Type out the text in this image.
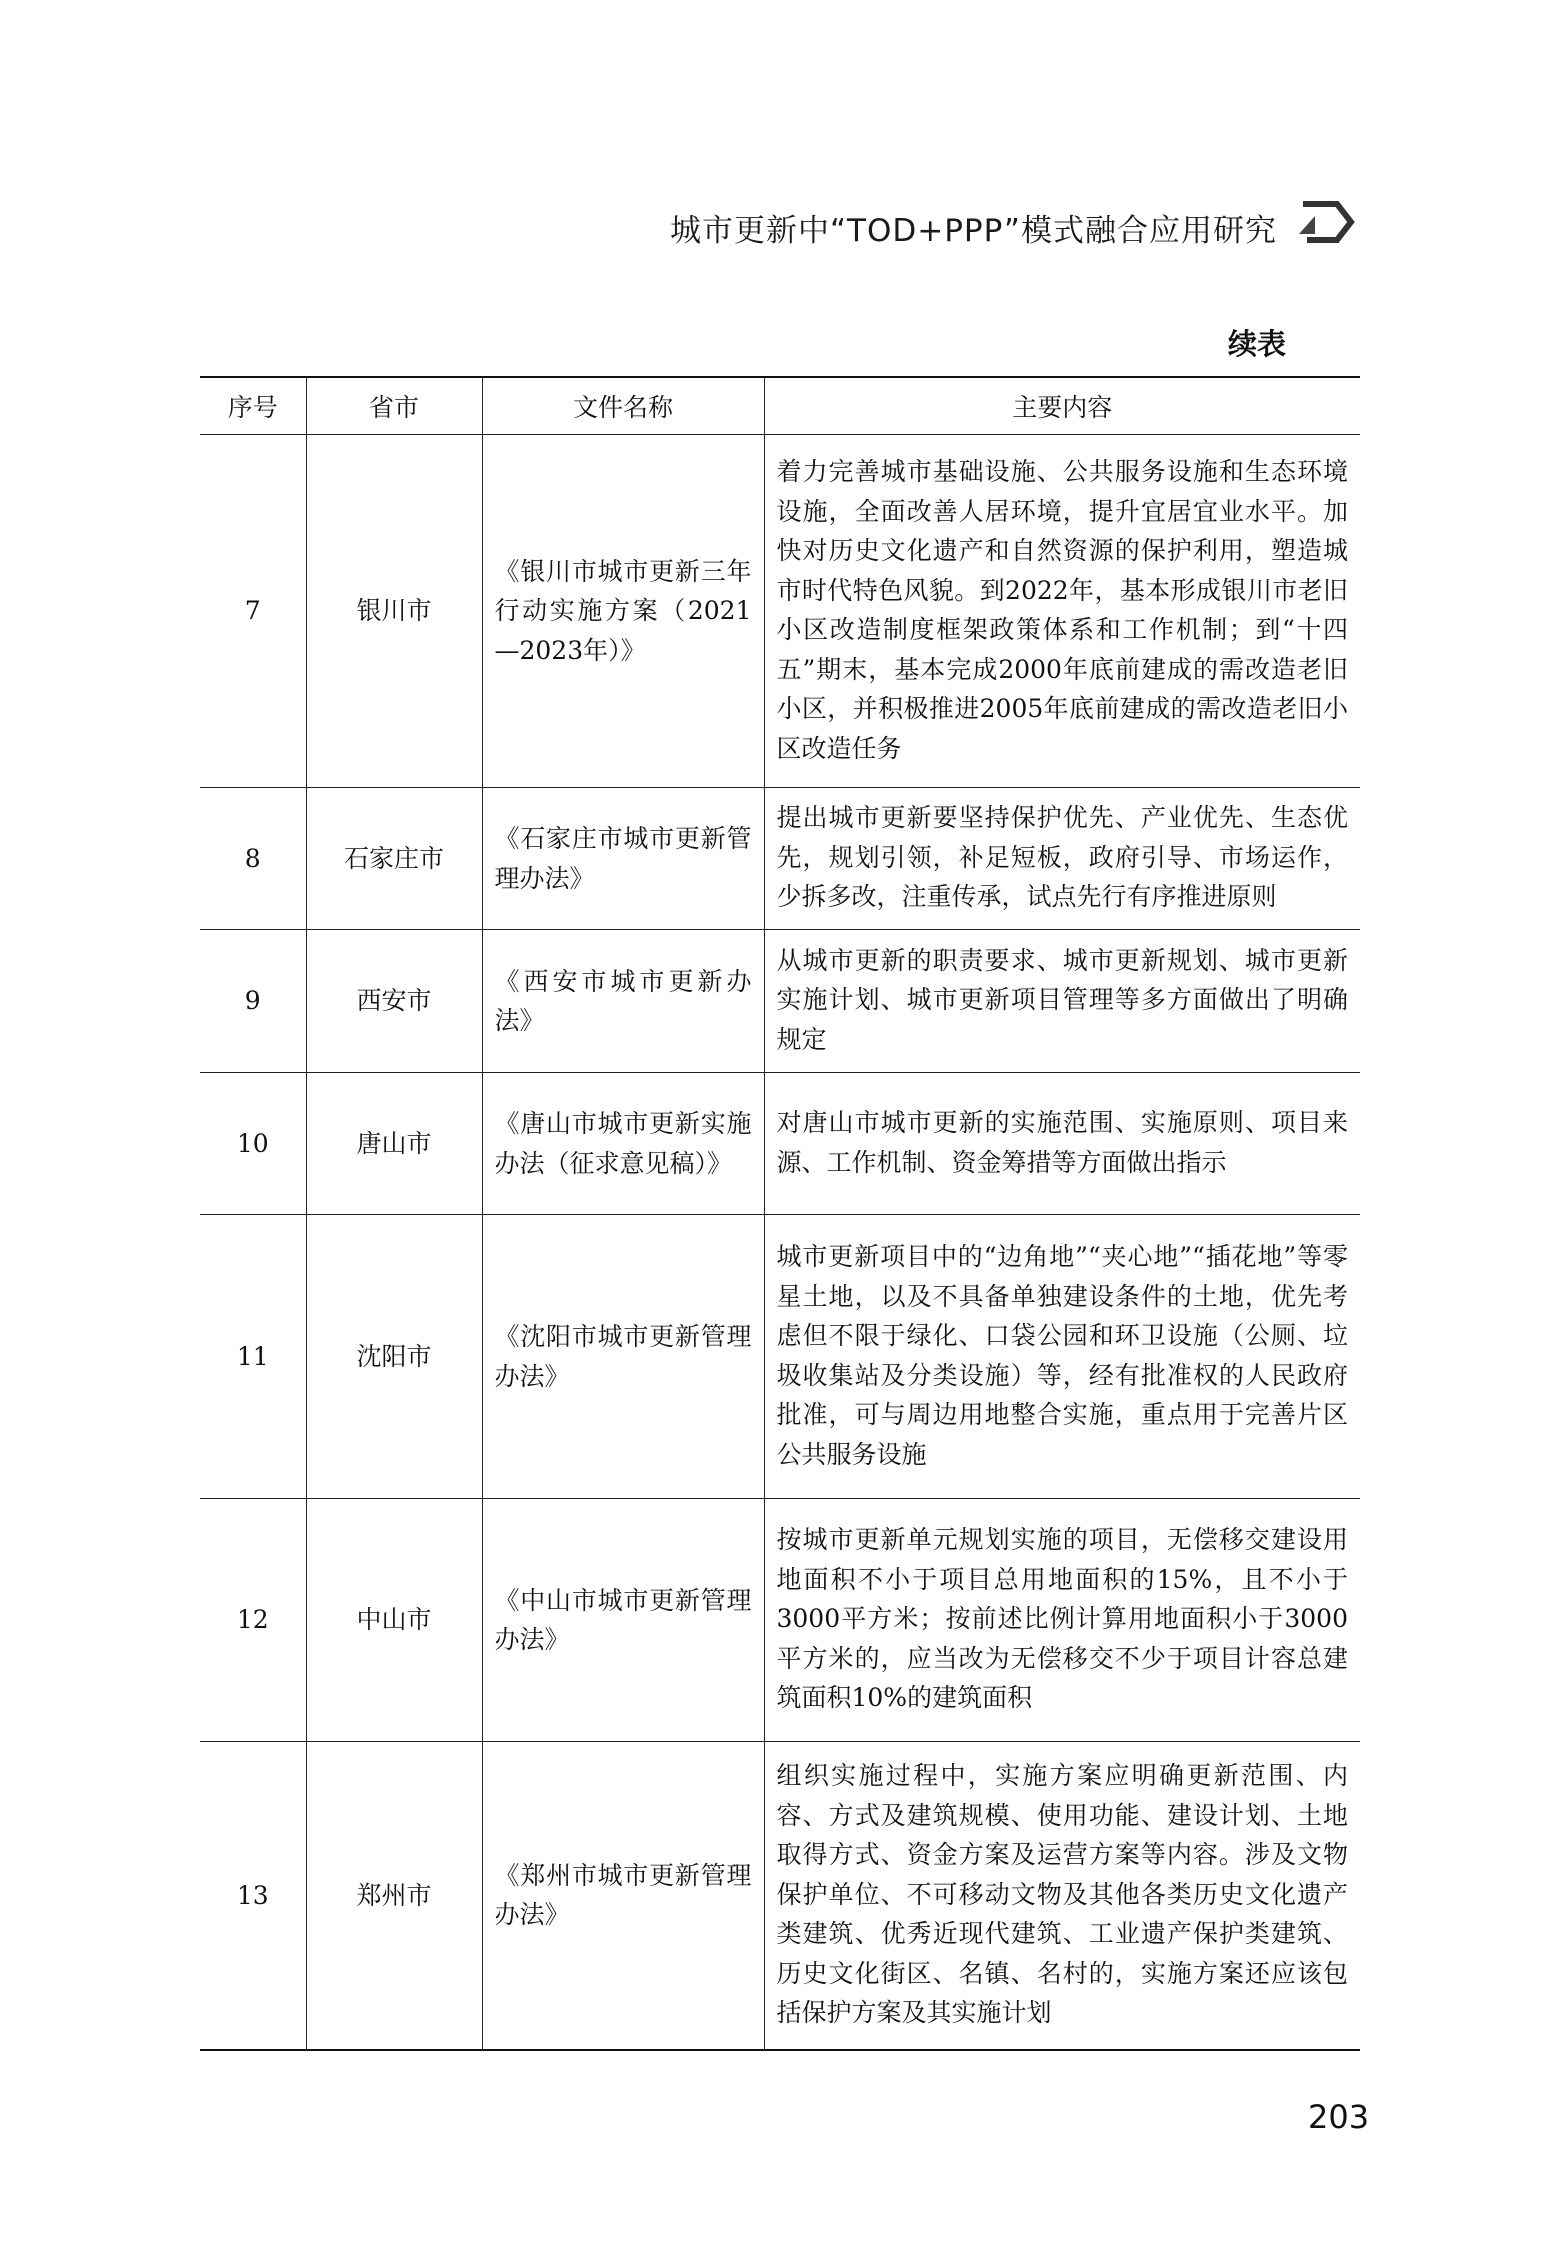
城市更新中“TOD+PPP”模式融合应用研究
续表
序号	省市	文件名称	主要内容
7	银川市	《银川市城市更新三年行动实施方案（2021—2023年）》	着力完善城市基础设施、公共服务设施和生态环境设施，全面改善人居环境，提升宜居宜业水平。加快对历史文化遗产和自然资源的保护利用，塑造城市时代特色风貌。到2022年，基本形成银川市老旧小区改造制度框架政策体系和工作机制；到“十四五”期末，基本完成2000年底前建成的需改造老旧小区，并积极推进2005年底前建成的需改造老旧小区改造任务
8	石家庄市	《石家庄市城市更新管理办法》	提出城市更新要坚持保护优先、产业优先、生态优先，规划引领，补足短板，政府引导、市场运作，少拆多改，注重传承，试点先行有序推进原则
9	西安市	《西安市城市更新办法》	从城市更新的职责要求、城市更新规划、城市更新实施计划、城市更新项目管理等多方面做出了明确规定
10	唐山市	《唐山市城市更新实施办法（征求意见稿）》	对唐山市城市更新的实施范围、实施原则、项目来源、工作机制、资金筹措等方面做出指示
11	沈阳市	《沈阳市城市更新管理办法》	城市更新项目中的“边角地”“夹心地”“插花地”等零星土地，以及不具备单独建设条件的土地，优先考虑但不限于绿化、口袋公园和环卫设施（公厕、垃圾收集站及分类设施）等，经有批准权的人民政府批准，可与周边用地整合实施，重点用于完善片区公共服务设施
12	中山市	《中山市城市更新管理办法》	按城市更新单元规划实施的项目，无偿移交建设用地面积不小于项目总用地面积的15%，且不小于3000平方米；按前述比例计算用地面积小于3000平方米的，应当改为无偿移交不少于项目计容总建筑面积10%的建筑面积
13	郑州市	《郑州市城市更新管理办法》	组织实施过程中，实施方案应明确更新范围、内容、方式及建筑规模、使用功能、建设计划、土地取得方式、资金方案及运营方案等内容。涉及文物保护单位、不可移动文物及其他各类历史文化遗产类建筑、优秀近现代建筑、工业遗产保护类建筑、历史文化街区、名镇、名村的，实施方案还应该包括保护方案及其实施计划
203
